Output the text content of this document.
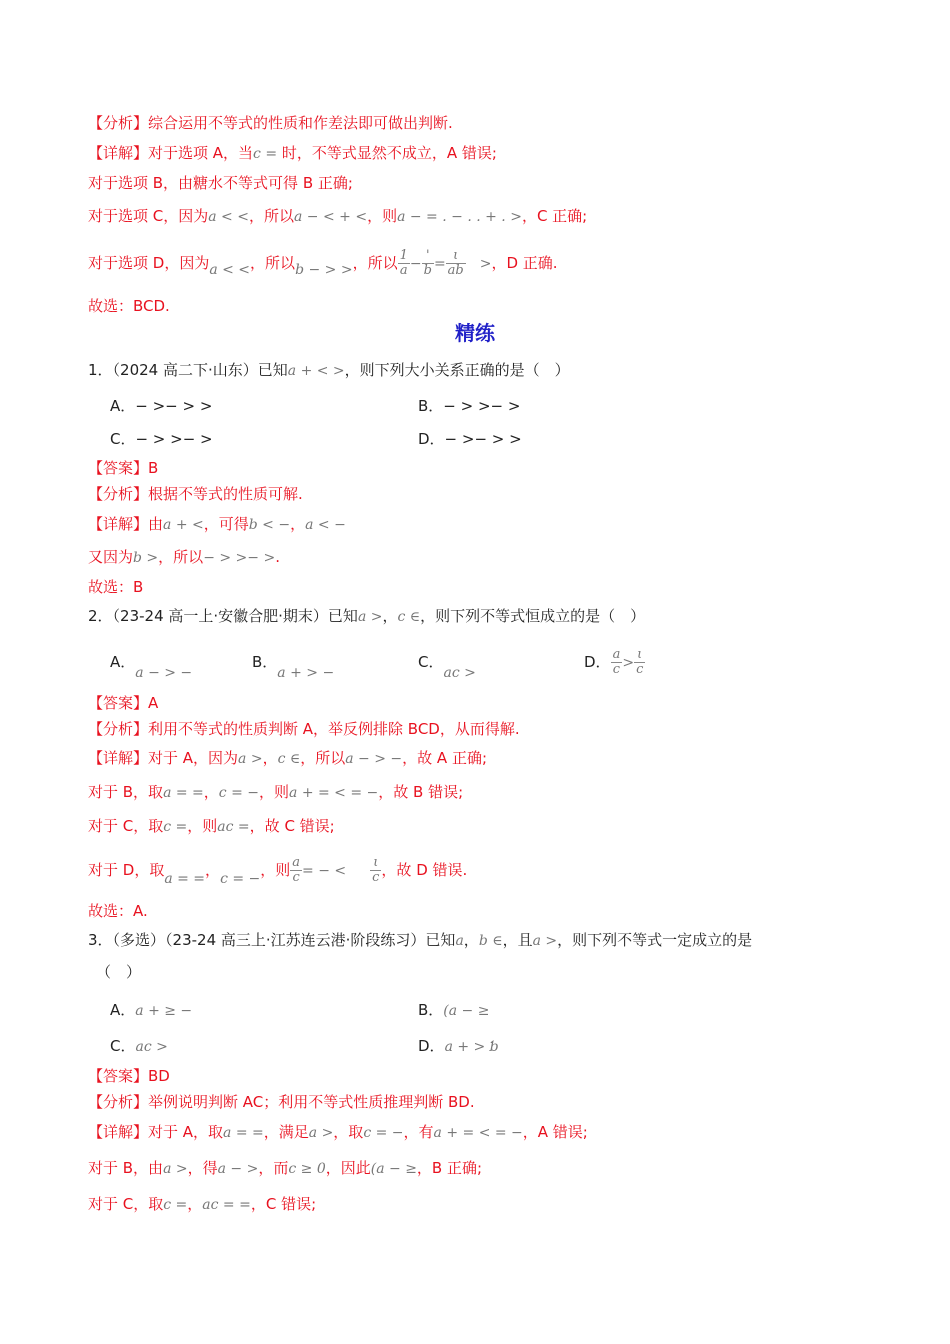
【分析】综合运用不等式的性质和作差法即可做出判断.
【详解】对于选项 A，当c = 时，不等式显然不成立，A 错误;
对于选项 B，由糖水不等式可得 B 正确;
对于选项 C，因为a < <，所以a − < + <，则a − = . − . . + . >，C 正确;
对于选项 D，因为a < <，所以b − > >，所以 $\frac{1}{a} - \frac{'}{b} = \frac{\iota}{ab}$ >，D 正确.
故选：BCD.
精练
1．（2024 高二下·山东）已知a + < >，则下列大小关系正确的是（　）
A．− >− > >	B．− > >− >
C．− > >− >	D．− >− > >
【答案】B
【分析】根据不等式的性质可解.
【详解】由a + <，可得b < −，a < −
又因为b >，所以− > >− >.
故选：B
2．（23-24 高一上·安徽合肥·期末）已知a >，c ∈，则下列不等式恒成立的是（　）
A．a − > −
B．a + > −
C．ac >
D． $\frac{a}{c} > \frac{\iota}{c}$
【答案】A
【分析】利用不等式的性质判断 A，举反例排除 BCD，从而得解.
【详解】对于 A，因为a >，c ∈，所以a − > −，故 A 正确;
对于 B，取a = =，c = −，则a + = < = −，故 B 错误;
对于 C，取c =，则ac =，故 C 错误;
对于 D，取a = =，c = −，则 $\frac{a}{c}$ = − < $\frac{\iota}{c}$ ，故 D 错误.
故选：A.
3．（多选）（23-24 高三上·江苏连云港·阶段练习）已知a，b ∈，且a >，则下列不等式一定成立的是
（　）
A．a + ≥ −	B．(a − ≥
C．ac >	D．a + > ƅ
【答案】BD
【分析】举例说明判断 AC；利用不等式性质推理判断 BD.
【详解】对于 A，取a = =，满足a >，取c = −，有a + = < = −，A 错误;
对于 B，由a >，得a − >，而c ≥ 0，因此(a − ≥，B 正确;
对于 C，取c =，ac = =，C 错误;
